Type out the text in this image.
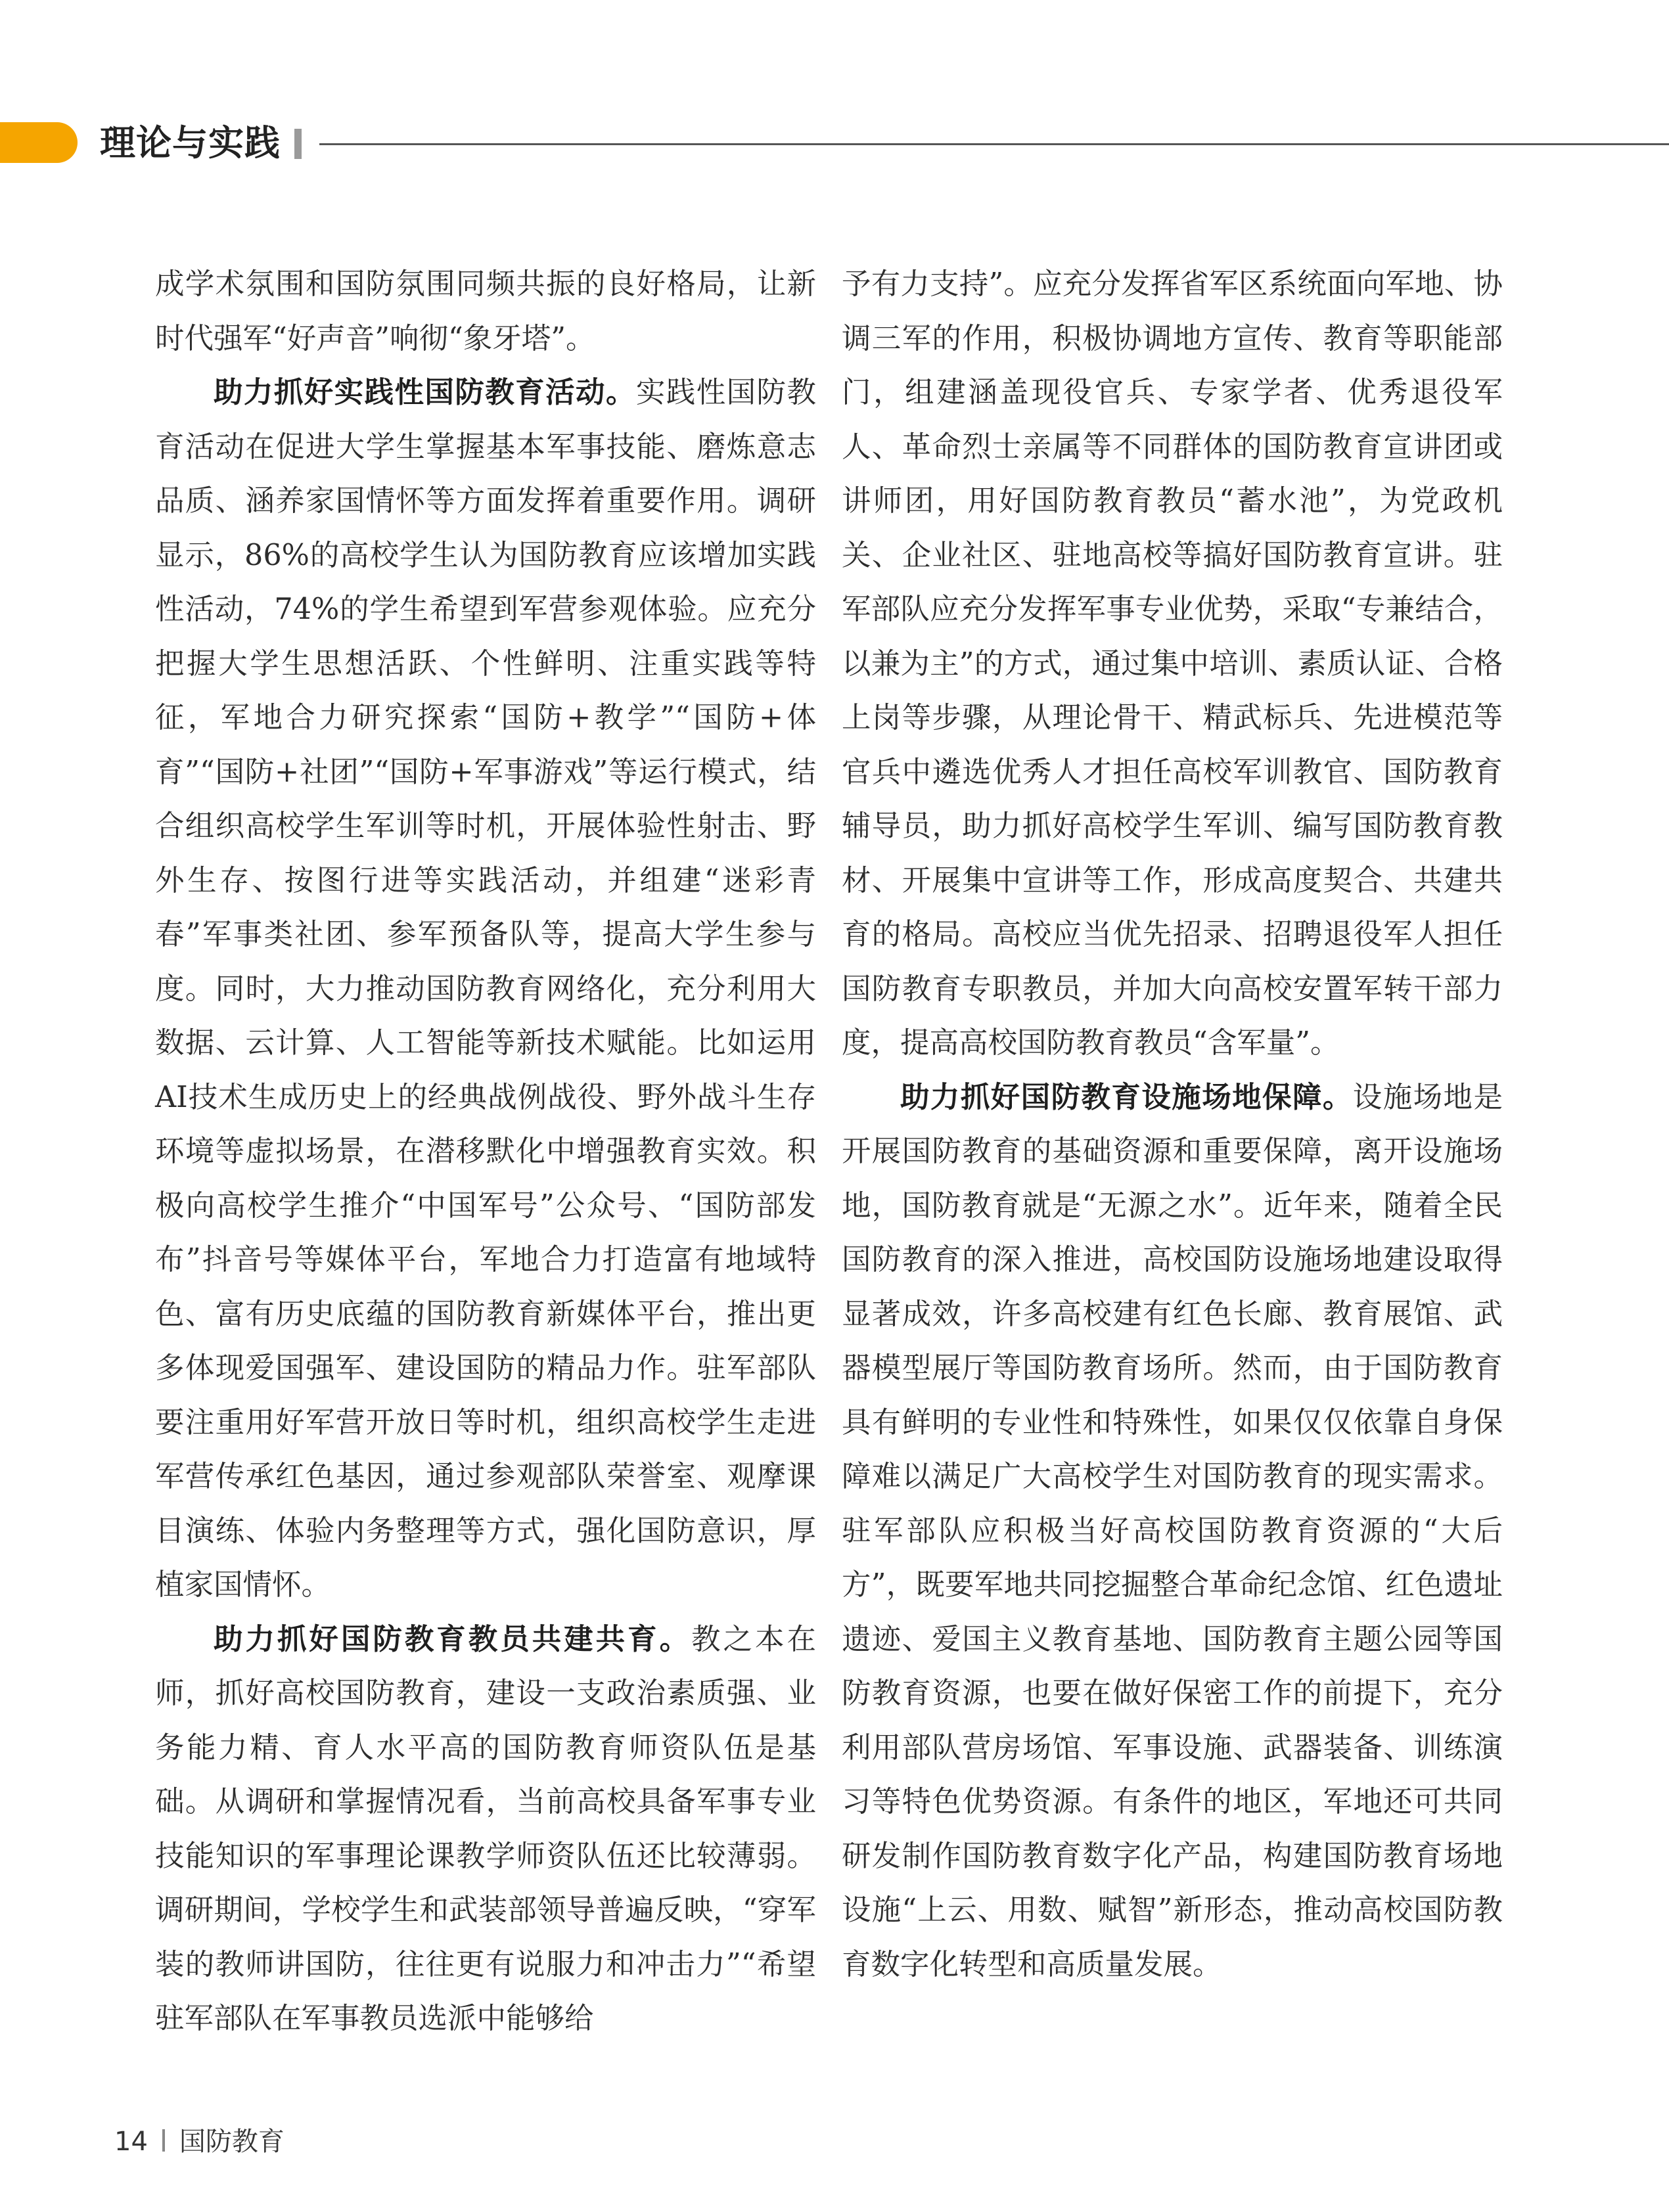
理论与实践

成学术氛围和国防氛围同频共振的良好格局，让新时代强军“好声音”响彻“象牙塔”。

助力抓好实践性国防教育活动。实践性国防教育活动在促进大学生掌握基本军事技能、磨炼意志品质、涵养家国情怀等方面发挥着重要作用。调研显示，86%的高校学生认为国防教育应该增加实践性活动，74%的学生希望到军营参观体验。应充分把握大学生思想活跃、个性鲜明、注重实践等特征，军地合力研究探索“国防+教学”“国防+体育”“国防+社团”“国防+军事游戏”等运行模式，结合组织高校学生军训等时机，开展体验性射击、野外生存、按图行进等实践活动，并组建“迷彩青春”军事类社团、参军预备队等，提高大学生参与度。同时，大力推动国防教育网络化，充分利用大数据、云计算、人工智能等新技术赋能。比如运用AI技术生成历史上的经典战例战役、野外战斗生存环境等虚拟场景，在潜移默化中增强教育实效。积极向高校学生推介“中国军号”公众号、“国防部发布”抖音号等媒体平台，军地合力打造富有地域特色、富有历史底蕴的国防教育新媒体平台，推出更多体现爱国强军、建设国防的精品力作。驻军部队要注重用好军营开放日等时机，组织高校学生走进军营传承红色基因，通过参观部队荣誉室、观摩课目演练、体验内务整理等方式，强化国防意识，厚植家国情怀。

助力抓好国防教育教员共建共育。教之本在师，抓好高校国防教育，建设一支政治素质强、业务能力精、育人水平高的国防教育师资队伍是基础。从调研和掌握情况看，当前高校具备军事专业技能知识的军事理论课教学师资队伍还比较薄弱。调研期间，学校学生和武装部领导普遍反映，“穿军装的教师讲国防，往往更有说服力和冲击力”“希望驻军部队在军事教员选派中能够给

予有力支持”。应充分发挥省军区系统面向军地、协调三军的作用，积极协调地方宣传、教育等职能部门，组建涵盖现役官兵、专家学者、优秀退役军人、革命烈士亲属等不同群体的国防教育宣讲团或讲师团，用好国防教育教员“蓄水池”，为党政机关、企业社区、驻地高校等搞好国防教育宣讲。驻军部队应充分发挥军事专业优势，采取“专兼结合，以兼为主”的方式，通过集中培训、素质认证、合格上岗等步骤，从理论骨干、精武标兵、先进模范等官兵中遴选优秀人才担任高校军训教官、国防教育辅导员，助力抓好高校学生军训、编写国防教育教材、开展集中宣讲等工作，形成高度契合、共建共育的格局。高校应当优先招录、招聘退役军人担任国防教育专职教员，并加大向高校安置军转干部力度，提高高校国防教育教员“含军量”。

助力抓好国防教育设施场地保障。设施场地是开展国防教育的基础资源和重要保障，离开设施场地，国防教育就是“无源之水”。近年来，随着全民国防教育的深入推进，高校国防设施场地建设取得显著成效，许多高校建有红色长廊、教育展馆、武器模型展厅等国防教育场所。然而，由于国防教育具有鲜明的专业性和特殊性，如果仅仅依靠自身保障难以满足广大高校学生对国防教育的现实需求。驻军部队应积极当好高校国防教育资源的“大后方”，既要军地共同挖掘整合革命纪念馆、红色遗址遗迹、爱国主义教育基地、国防教育主题公园等国防教育资源，也要在做好保密工作的前提下，充分利用部队营房场馆、军事设施、武器装备、训练演习等特色优势资源。有条件的地区，军地还可共同研发制作国防教育数字化产品，构建国防教育场地设施“上云、用数、赋智”新形态，推动高校国防教育数字化转型和高质量发展。

14 国防教育
